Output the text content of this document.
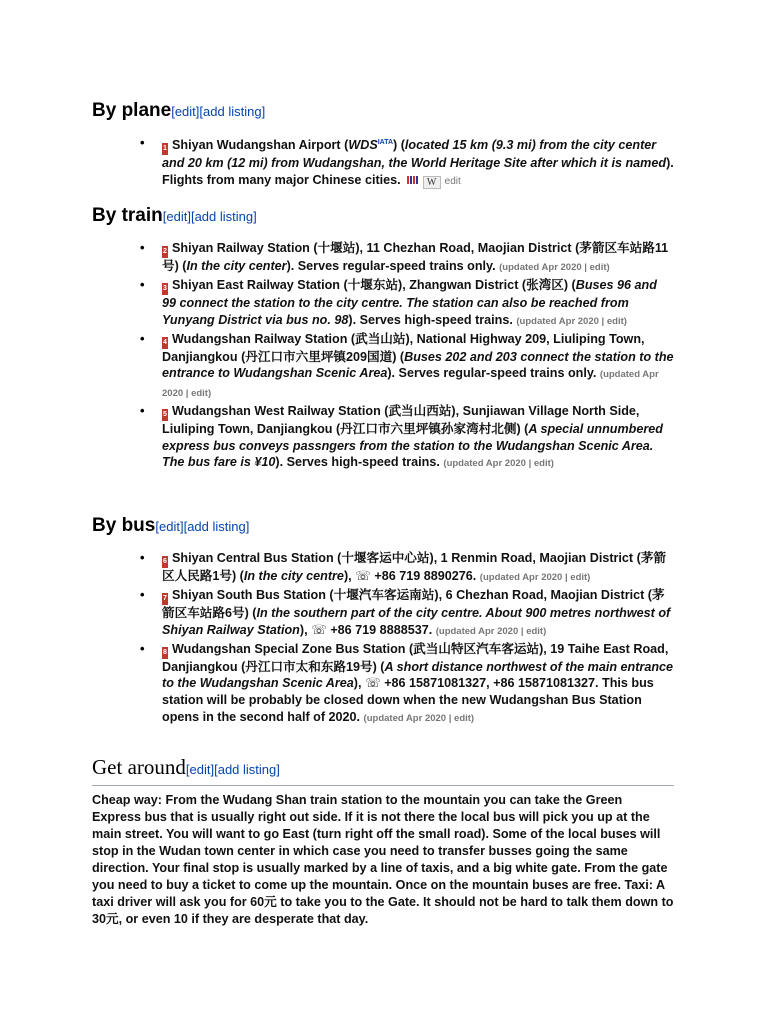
By plane[edit][add listing]
• 1 Shiyan Wudangshan Airport $(WDS^{IATA})$ (located 15 km (9.3 mi) from the city center and 20 km (12 mi) from Wudangshan, the World Heritage Site after which it is named). Flights from many major Chinese cities.	W edit
By train[edit][add listing]
• 2 Shiyan Railway Station (十堰站), 11 Chezhan Road, Maojian District (茅箭区车站路11号) (In the city center). Serves regular-speed trains only. (updated Apr 2020 | edit)
• 3 Shiyan East Railway Station (十堰东站), Zhangwan District (张湾区) (Buses 96 and 99 connect the station to the city centre. The station can also be reached from Yunyang District via bus no. 98). Serves high-speed trains. (updated Apr 2020 | edit)
• 4 Wudangshan Railway Station (武当山站), National Highway 209, Liuliping Town, Danjiangkou (丹江口市六里坪镇209国道) (Buses 202 and 203 connect the station to the entrance to Wudangshan Scenic Area). Serves regular-speed trains only. (updated Apr 2020 | edit)
• 5 Wudangshan West Railway Station (武当山西站), Sunjiawan Village North Side, Liuliping Town, Danjiangkou (丹江口市六里坪镇孙家湾村北侧) (A special unnumbered express bus conveys passngers from the station to the Wudangshan Scenic Area. The bus fare is ¥10). Serves high-speed trains. (updated Apr 2020 | edit)
By bus[edit][add listing]
• 6 Shiyan Central Bus Station (十堰客运中心站), 1 Renmin Road, Maojian District (茅箭区人民路1号) (In the city centre), ☏ +86 719 8890276. (updated Apr 2020 | edit)
• 7 Shiyan South Bus Station (十堰汽车客运南站), 6 Chezhan Road, Maojian District (茅箭区车站路6号) (In the southern part of the city centre. About 900 metres northwest of Shiyan Railway Station), ☏ +86 719 8888537. (updated Apr 2020 | edit)
• 8 Wudangshan Special Zone Bus Station (武当山特区汽车客运站), 19 Taihe East Road, Danjiangkou (丹江口市太和东路19号) (A short distance northwest of the main entrance to the Wudangshan Scenic Area), ☏ +86 15871081327, +86 15871081327. This bus station will be probably be closed down when the new Wudangshan Bus Station opens in the second half of 2020. (updated Apr 2020 | edit)
Get around[edit][add listing]

Cheap way: From the Wudang Shan train station to the mountain you can take the Green Express bus that is usually right out side. If it is not there the local bus will pick you up at the main street. You will want to go East (turn right off the small road). Some of the local buses will stop in the Wudan town center in which case you need to transfer busses going the same direction. Your final stop is usually marked by a line of taxis, and a big white gate. From the gate you need to buy a ticket to come up the mountain. Once on the mountain buses are free. Taxi: A taxi driver will ask you for 60元 to take you to the Gate. It should not be hard to talk them down to 30元, or even 10 if they are desperate that day.
